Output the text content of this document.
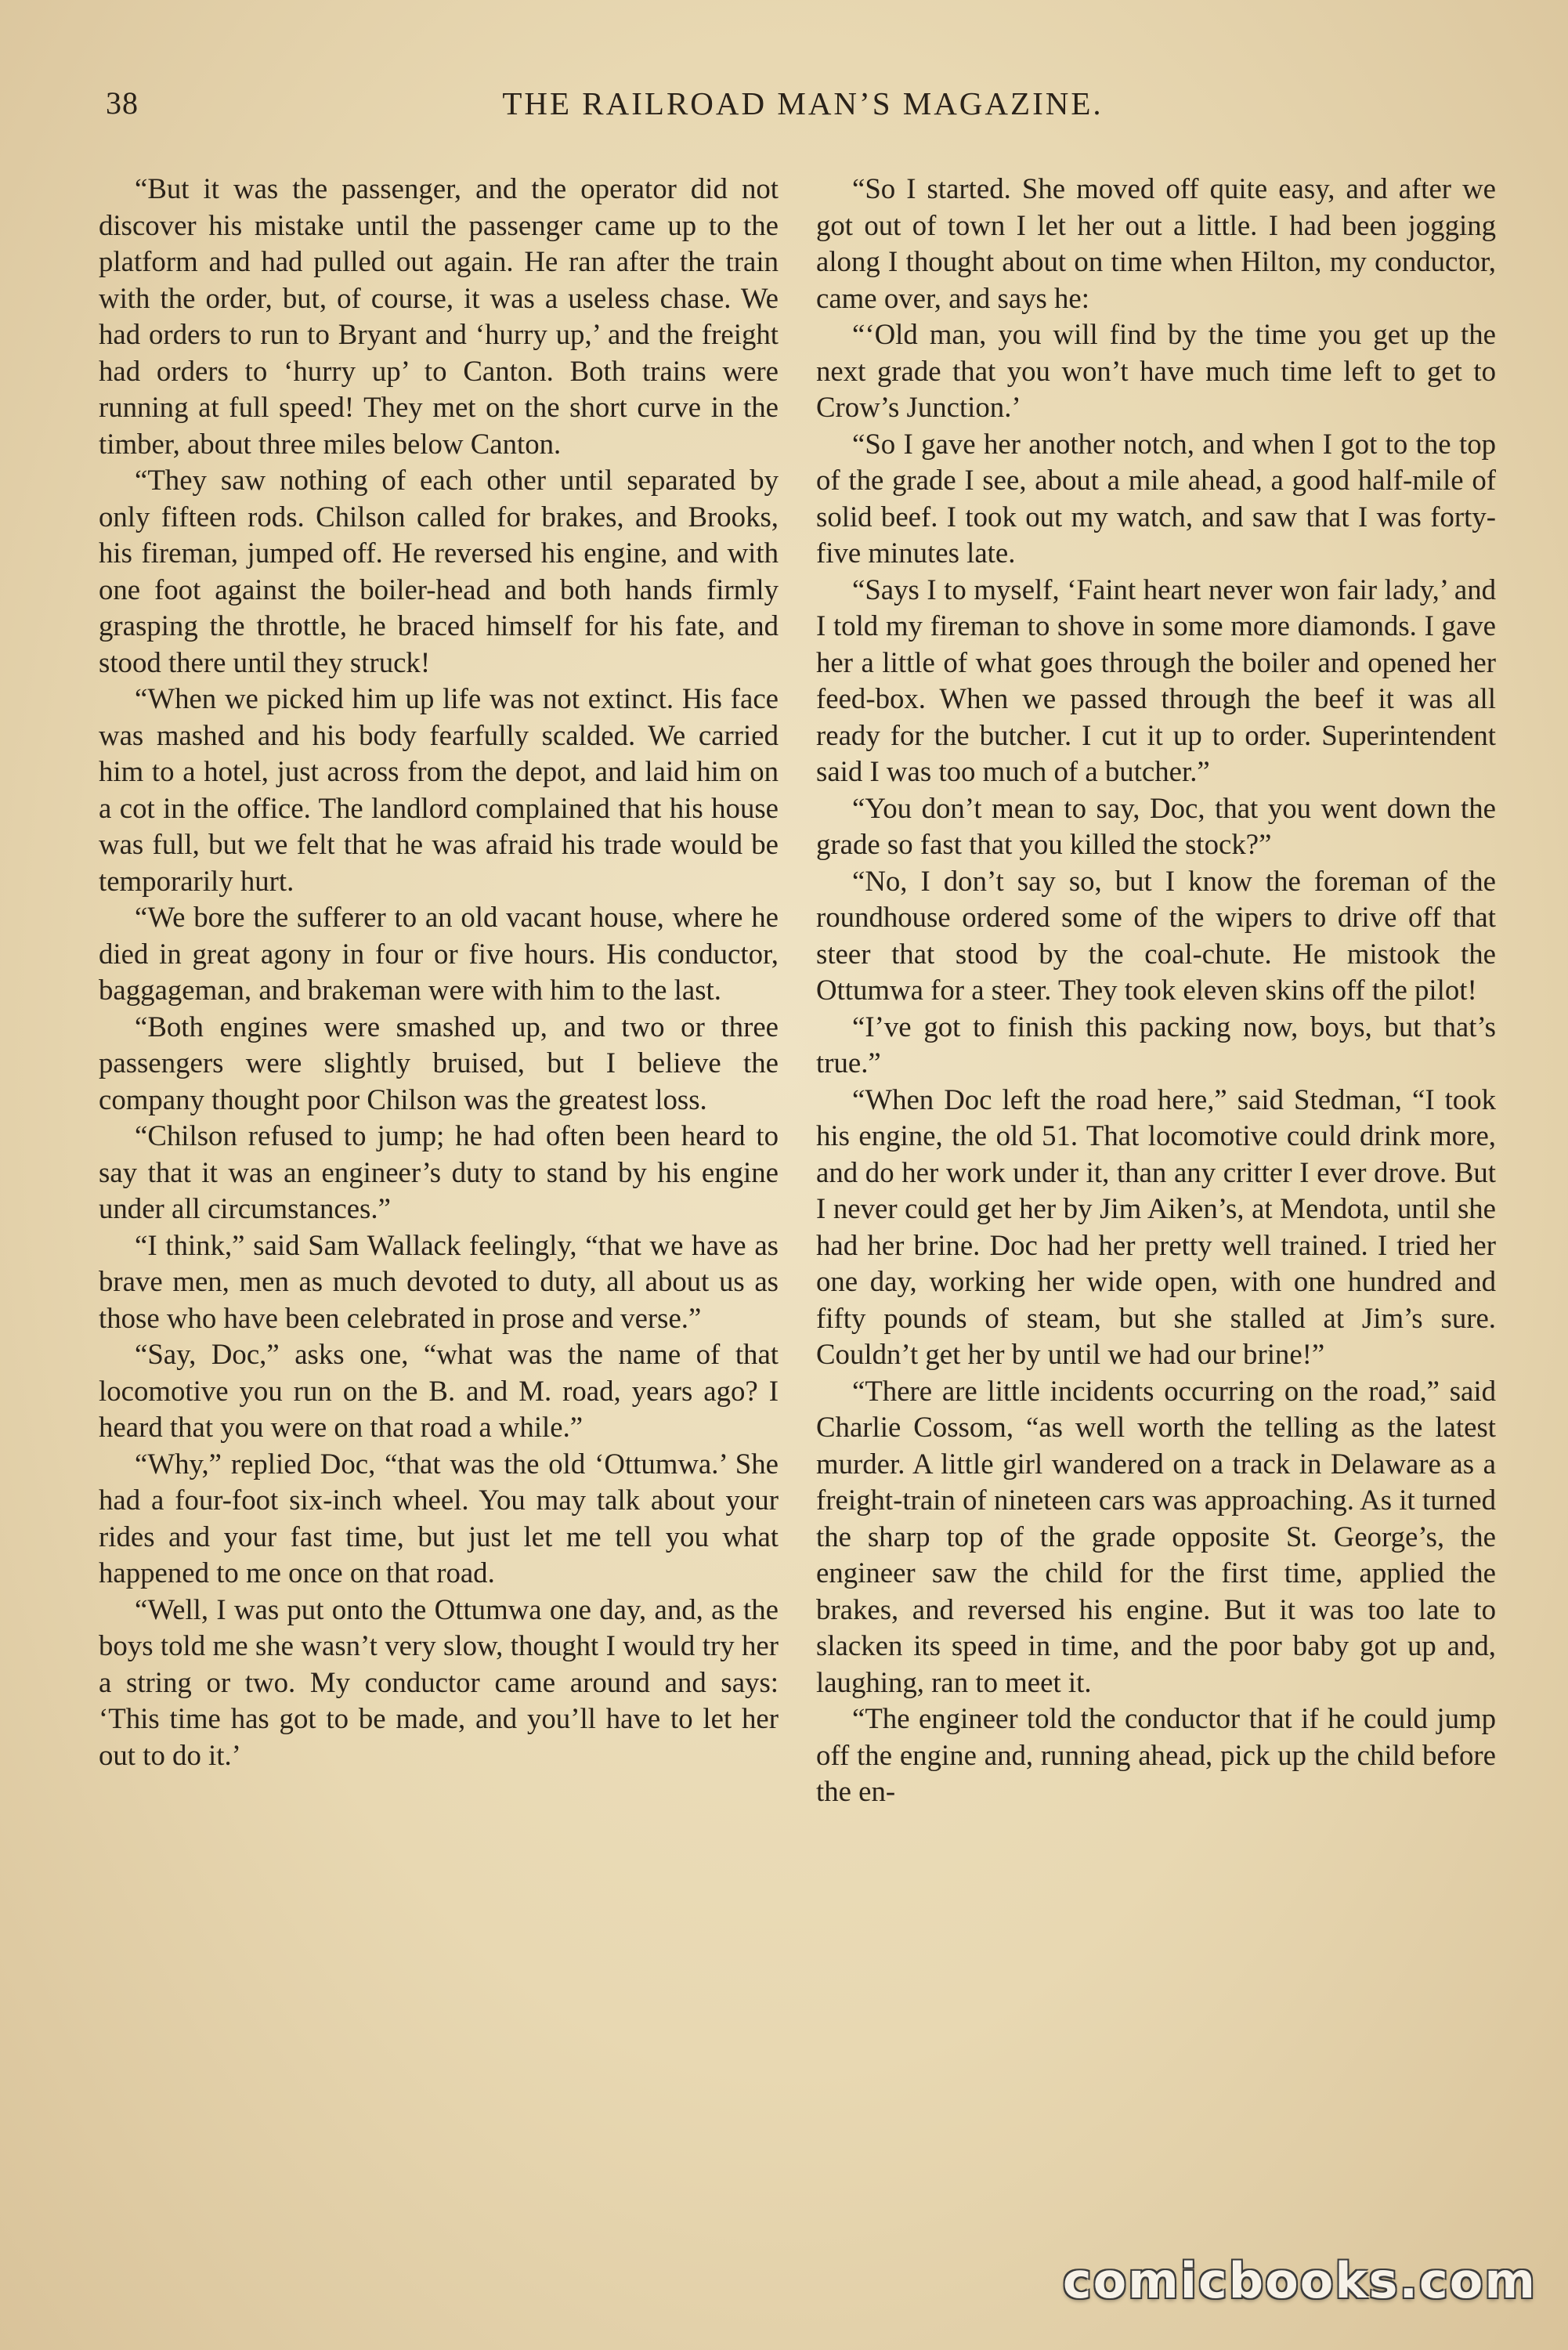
38	THE RAILROAD MAN’S MAGAZINE.

“But it was the passenger, and the operator did not discover his mistake until the passenger came up to the platform and had pulled out again. He ran after the train with the order, but, of course, it was a useless chase. We had orders to run to Bryant and ‘hurry up,’ and the freight had orders to ‘hurry up’ to Canton. Both trains were running at full speed! They met on the short curve in the timber, about three miles below Canton.

“They saw nothing of each other until separated by only fifteen rods. Chilson called for brakes, and Brooks, his fireman, jumped off. He reversed his engine, and with one foot against the boiler-head and both hands firmly grasping the throttle, he braced himself for his fate, and stood there until they struck!

“When we picked him up life was not extinct. His face was mashed and his body fearfully scalded. We carried him to a hotel, just across from the depot, and laid him on a cot in the office. The landlord complained that his house was full, but we felt that he was afraid his trade would be temporarily hurt.

“We bore the sufferer to an old vacant house, where he died in great agony in four or five hours. His conductor, baggageman, and brakeman were with him to the last.

“Both engines were smashed up, and two or three passengers were slightly bruised, but I believe the company thought poor Chilson was the greatest loss.

“Chilson refused to jump; he had often been heard to say that it was an engineer’s duty to stand by his engine under all circumstances.”

“I think,” said Sam Wallack feelingly, “that we have as brave men, men as much devoted to duty, all about us as those who have been celebrated in prose and verse.”

“Say, Doc,” asks one, “what was the name of that locomotive you run on the B. and M. road, years ago? I heard that you were on that road a while.”

“Why,” replied Doc, “that was the old ‘Ottumwa.’ She had a four-foot six-inch wheel. You may talk about your rides and your fast time, but just let me tell you what happened to me once on that road.

“Well, I was put onto the Ottumwa one day, and, as the boys told me she wasn’t very slow, thought I would try her a string or two. My conductor came around and says: ‘This time has got to be made, and you’ll have to let her out to do it.’

“So I started. She moved off quite easy, and after we got out of town I let her out a little. I had been jogging along I thought about on time when Hilton, my conductor, came over, and says he:

“‘Old man, you will find by the time you get up the next grade that you won’t have much time left to get to Crow’s Junction.’

“So I gave her another notch, and when I got to the top of the grade I see, about a mile ahead, a good half-mile of solid beef. I took out my watch, and saw that I was forty-five minutes late.

“Says I to myself, ‘Faint heart never won fair lady,’ and I told my fireman to shove in some more diamonds. I gave her a little of what goes through the boiler and opened her feed-box. When we passed through the beef it was all ready for the butcher. I cut it up to order. Superintendent said I was too much of a butcher.”

“You don’t mean to say, Doc, that you went down the grade so fast that you killed the stock?”

“No, I don’t say so, but I know the foreman of the roundhouse ordered some of the wipers to drive off that steer that stood by the coal-chute. He mistook the Ottumwa for a steer. They took eleven skins off the pilot!

“I’ve got to finish this packing now, boys, but that’s true.”

“When Doc left the road here,” said Stedman, “I took his engine, the old 51. That locomotive could drink more, and do her work under it, than any critter I ever drove. But I never could get her by Jim Aiken’s, at Mendota, until she had her brine. Doc had her pretty well trained. I tried her one day, working her wide open, with one hundred and fifty pounds of steam, but she stalled at Jim’s sure. Couldn’t get her by until we had our brine!”

“There are little incidents occurring on the road,” said Charlie Cossom, “as well worth the telling as the latest murder. A little girl wandered on a track in Delaware as a freight-train of nineteen cars was approaching. As it turned the sharp top of the grade opposite St. George’s, the engineer saw the child for the first time, applied the brakes, and reversed his engine. But it was too late to slacken its speed in time, and the poor baby got up and, laughing, ran to meet it.

“The engineer told the conductor that if he could jump off the engine and, running ahead, pick up the child before the en-

comicbooks.com
